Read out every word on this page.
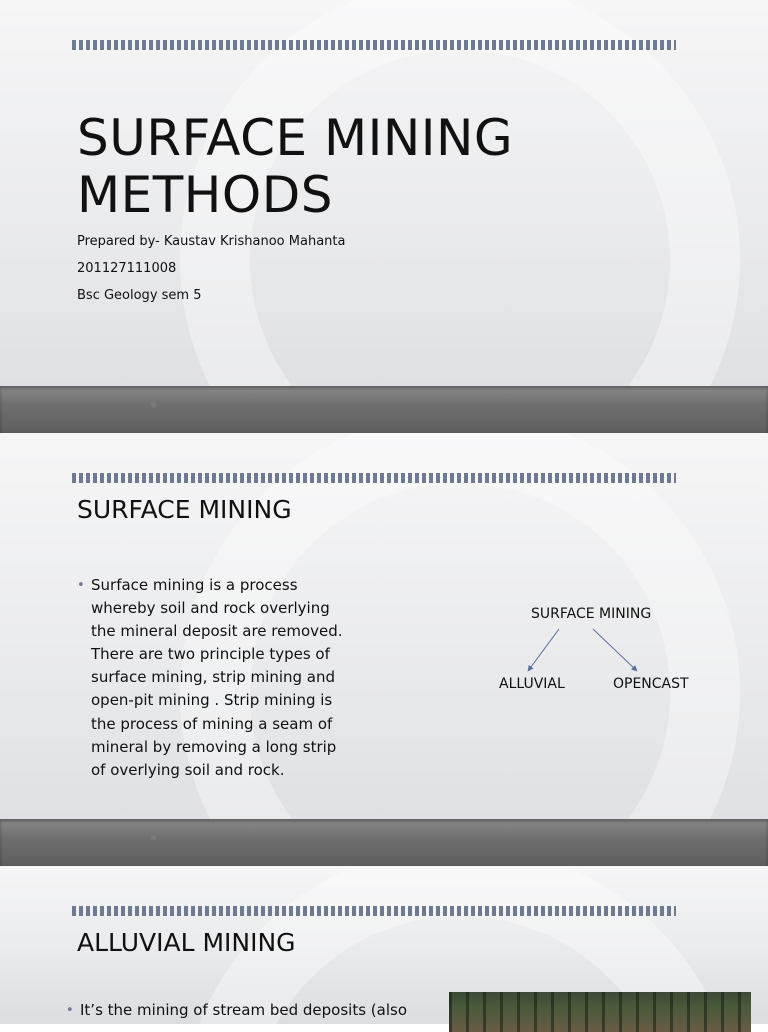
SURFACE MINING
METHODS
Prepared by- Kaustav Krishanoo Mahanta
201127111008
Bsc Geology sem 5
SURFACE MINING
• Surface mining is a process whereby soil and rock overlying the mineral deposit are removed. There are two principle types of surface mining, strip mining and open-pit mining . Strip mining is the process of mining a seam of mineral by removing a long strip of overlying soil and rock.
SURFACE MINING
ALLUVIAL	OPENCAST
ALLUVIAL MINING
• It’s the mining of stream bed deposits (also
